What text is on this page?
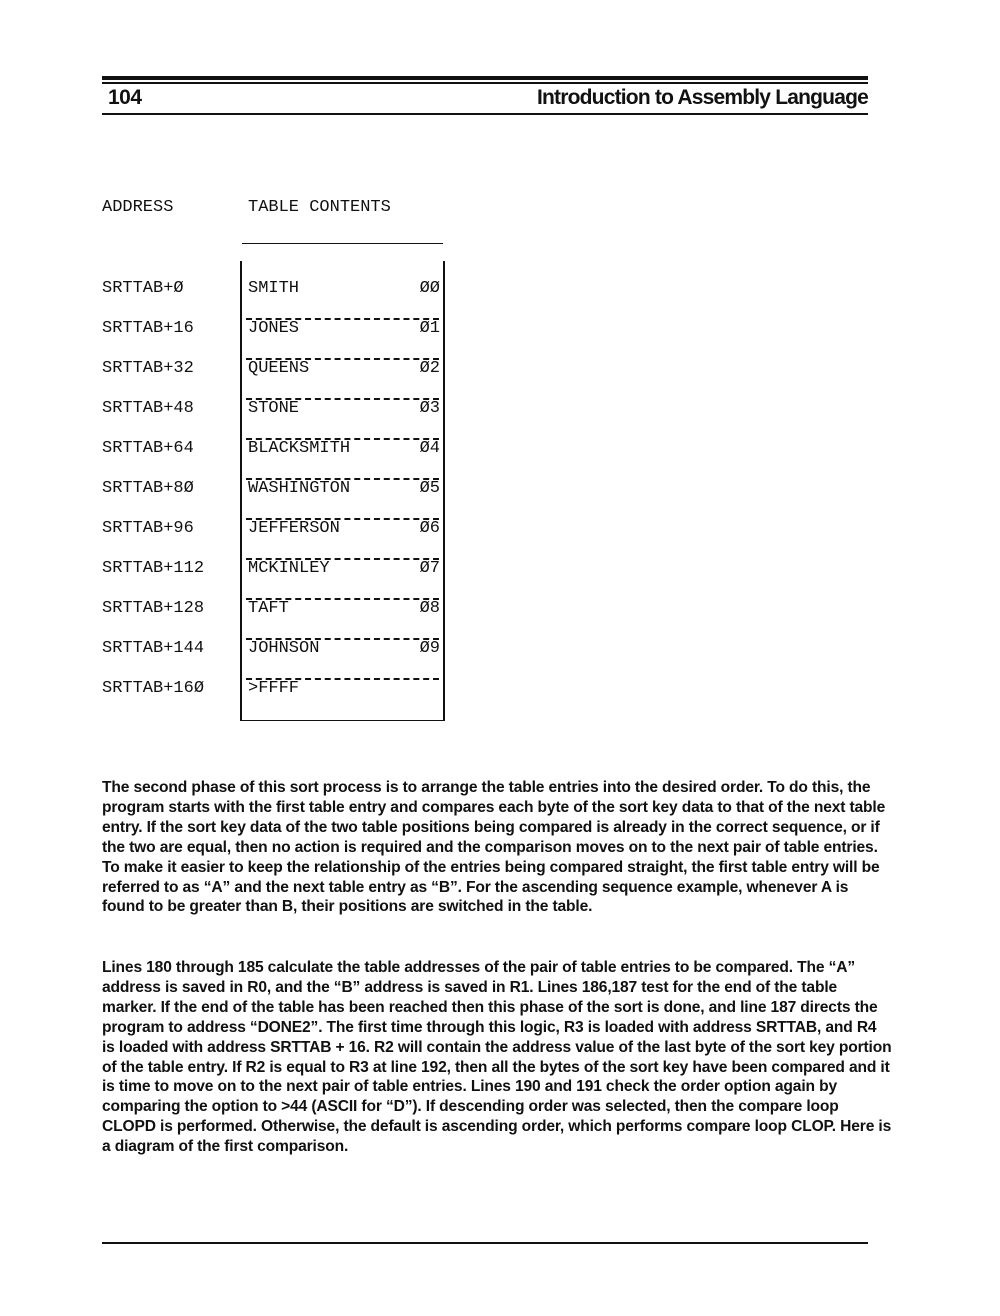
104	Introduction to Assembly Language
ADDRESS	TABLE CONTENTS
SRTTAB+Ø	SMITH	ØØ
SRTTAB+16	JONES	Ø1
SRTTAB+32	QUEENS	Ø2
SRTTAB+48	STONE	Ø3
SRTTAB+64	BLACKSMITH	Ø4
SRTTAB+8Ø	WASHINGTON	Ø5
SRTTAB+96	JEFFERSON	Ø6
SRTTAB+112	MCKINLEY	Ø7
SRTTAB+128	TAFT	Ø8
SRTTAB+144	JOHNSON	Ø9
SRTTAB+16Ø	>FFFF

The second phase of this sort process is to arrange the table entries into the desired order. To do this, the program starts with the first table entry and compares each byte of the sort key data to that of the next table entry. If the sort key data of the two table positions being compared is already in the correct sequence, or if the two are equal, then no action is required and the comparison moves on to the next pair of table entries. To make it easier to keep the relationship of the entries being compared straight, the first table entry will be referred to as “A” and the next table entry as “B”. For the ascending sequence example, whenever A is found to be greater than B, their positions are switched in the table.

Lines 180 through 185 calculate the table addresses of the pair of table entries to be compared. The “A” address is saved in R0, and the “B” address is saved in R1. Lines 186,187 test for the end of the table marker. If the end of the table has been reached then this phase of the sort is done, and line 187 directs the program to address “DONE2”. The first time through this logic, R3 is loaded with address SRTTAB, and R4 is loaded with address SRTTAB + 16. R2 will contain the address value of the last byte of the sort key portion of the table entry. If R2 is equal to R3 at line 192, then all the bytes of the sort key have been compared and it is time to move on to the next pair of table entries. Lines 190 and 191 check the order option again by comparing the option to >44 (ASCII for “D”). If descending order was selected, then the compare loop CLOPD is performed. Otherwise, the default is ascending order, which performs compare loop CLOP. Here is a diagram of the first comparison.
